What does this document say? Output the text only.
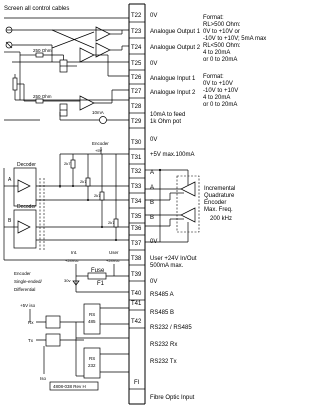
Screen all control cables
T22 0V
T23 Analogue Output 1
T24 Analogue Output 2
T25 0V
T26 Analogue Input 1
T27 Analogue Input 2
T28
10mA to feed 1k Ohm pot
T29
0V
T30
+5V max.100mA
T31
A
T32
A
T33
B
T34
B
T35
0V
T36
User +24V In/Out 500mA max.
T37
0V
T38
RS485 A
T39
RS485 B
T40
RS232 / RS485
T41
RS232 Rx
T42
RS232 Tx
FI
Fibre Optic Input
Format:
RL>500 Ohm:
0V to +10V or
-10V to +10V; 5mA max
RL<500 Ohm:
4 to 20mA
or 0 to 20mA
Format:
0V to +10V
-10V to +10V
4 to 20mA
or 0 to 20mA
Incremental
Quadrature
Encoder
Max. Freq.
200 kHz
250 Ohm
250 Ohm
10mA
Encoder
+5V
Decoder
A
Decoder
B
2k7
2k7
2k7
2k7
Encoder
Single-ended/
Differential
Int.	User
+24Vcc	+24Vcc
Fuse
F1
30v
+5V iso
Rx
Tx
Iso
RS
485
RS
232
4808-038 Rev H
